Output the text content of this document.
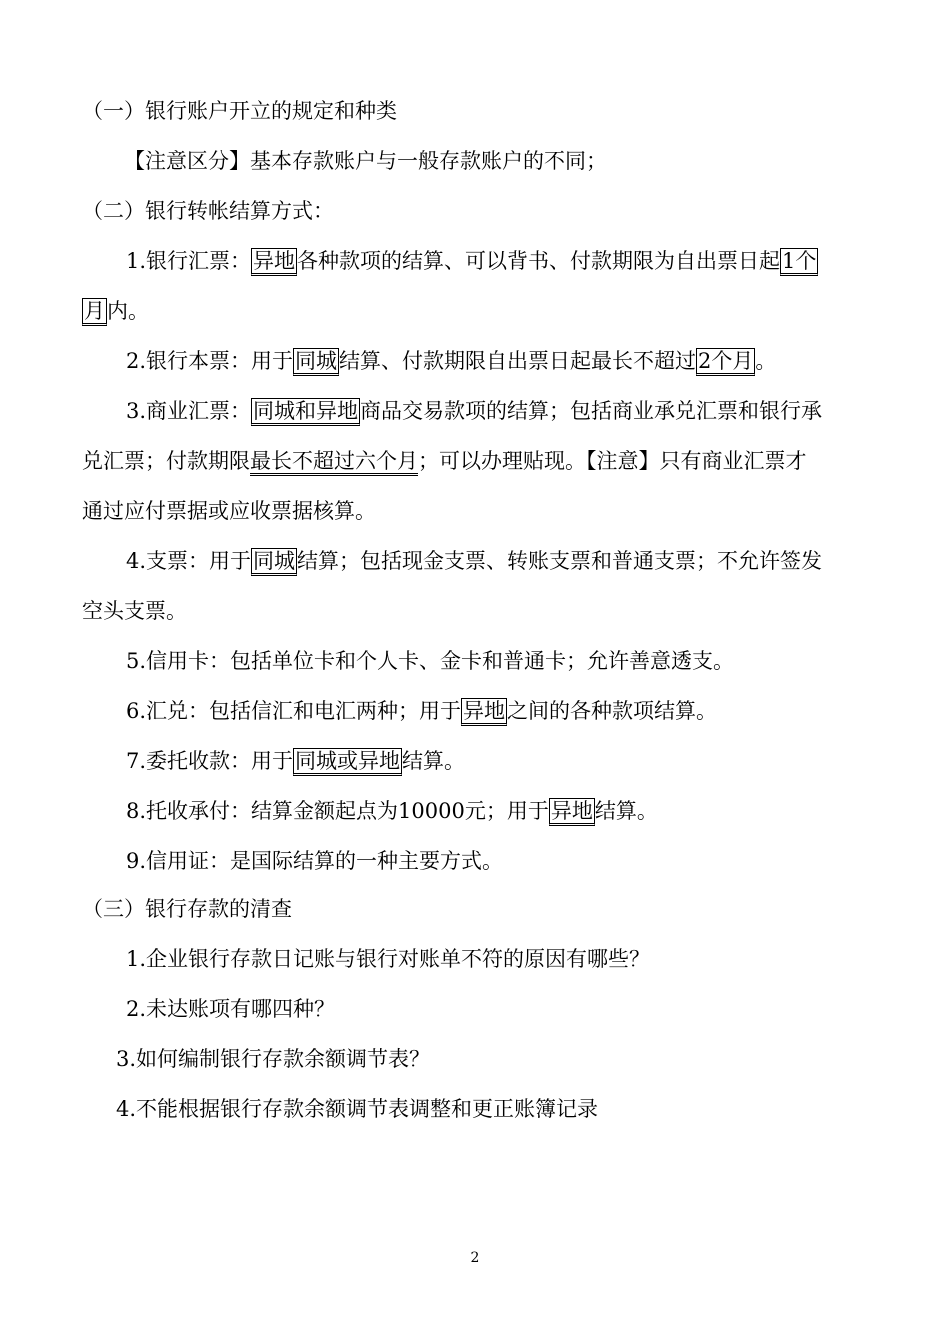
（一）银行账户开立的规定和种类
【注意区分】基本存款账户与一般存款账户的不同；
（二）银行转帐结算方式：
1.银行汇票：异地各种款项的结算、可以背书、付款期限为自出票日起1个
月内。
2.银行本票：用于同城结算、付款期限自出票日起最长不超过2个月。
3.商业汇票：同城和异地商品交易款项的结算；包括商业承兑汇票和银行承
兑汇票；付款期限最长不超过六个月；可以办理贴现。【注意】只有商业汇票才
通过应付票据或应收票据核算。
4.支票：用于同城结算；包括现金支票、转账支票和普通支票；不允许签发
空头支票。
5.信用卡：包括单位卡和个人卡、金卡和普通卡；允许善意透支。
6.汇兑：包括信汇和电汇两种；用于异地之间的各种款项结算。
7.委托收款：用于同城或异地结算。
8.托收承付：结算金额起点为10000元；用于异地结算。
9.信用证：是国际结算的一种主要方式。
（三）银行存款的清查
1.企业银行存款日记账与银行对账单不符的原因有哪些？
2.未达账项有哪四种？
3.如何编制银行存款余额调节表？
4.不能根据银行存款余额调节表调整和更正账簿记录
2
